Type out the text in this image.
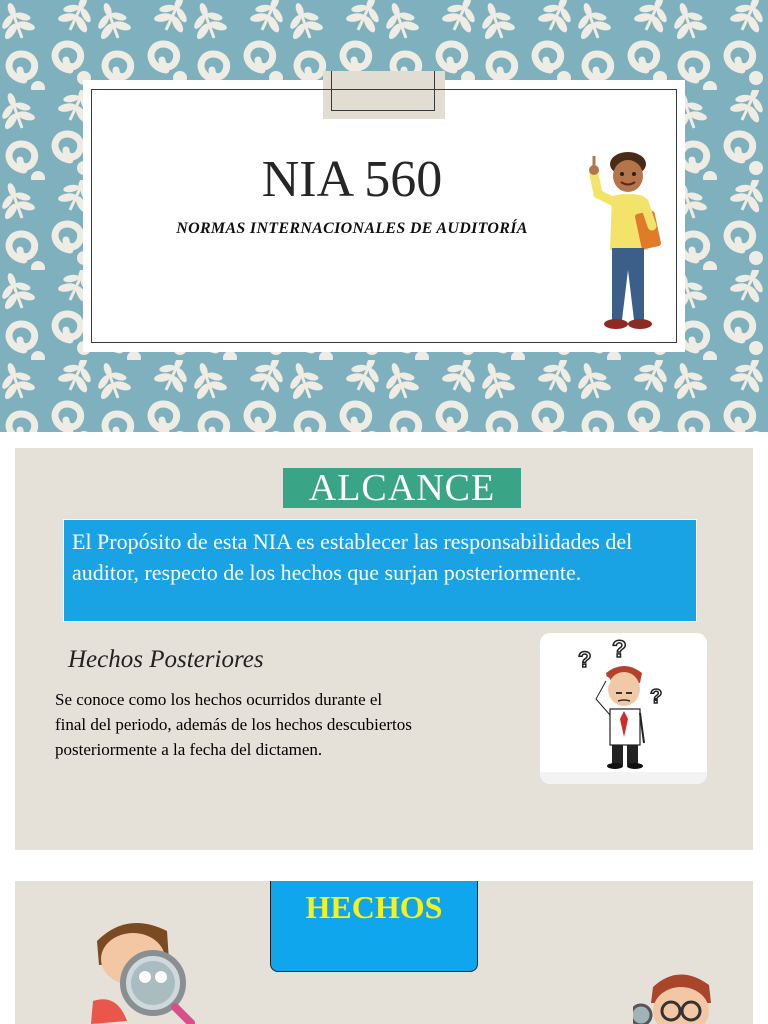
NIA 560
NORMAS INTERNACIONALES DE AUDITORÍA
ALCANCE
El Propósito de esta NIA es establecer las responsabilidades del auditor, respecto de los hechos que surjan posteriormente.
Hechos Posteriores
Se conoce como los hechos ocurridos durante el final del periodo, además de los hechos descubiertos posteriormente a la fecha del dictamen.
? ?
?
HECHOS
